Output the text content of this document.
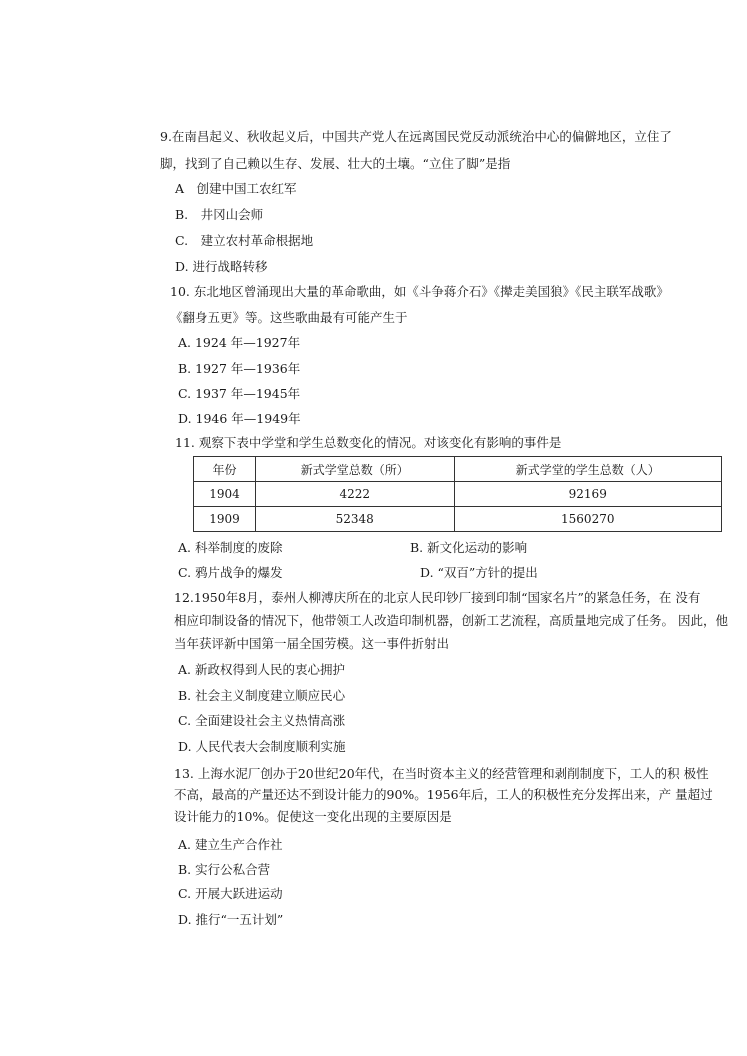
9.在南昌起义、秋收起义后，中国共产党人在远离国民党反动派统治中心的偏僻地区，立住了
脚，找到了自己赖以生存、发展、壮大的土壤。“立住了脚”是指
A　创建中国工农红军
B.　井冈山会师
C.　建立农村革命根据地
D. 进行战略转移
10. 东北地区曾涌现出大量的革命歌曲，如《斗争蒋介石》《撵走美国狼》《民主联军战歌》
《翻身五更》等。这些歌曲最有可能产生于
A. 1924 年—1927年
B. 1927 年—1936年
C. 1937 年—1945年
D. 1946 年—1949年
11. 观察下表中学堂和学生总数变化的情况。对该变化有影响的事件是
年份	新式学堂总数（所）	新式学堂的学生总数（人）
1904	4222	92169
1909	52348	1560270
A. 科举制度的废除	B. 新文化运动的影响
C. 鸦片战争的爆发	D. “双百”方针的提出
12.1950年8月，泰州人柳溥庆所在的北京人民印钞厂接到印制“国家名片”的紧急任务，在 没有
相应印制设备的情况下，他带领工人改造印制机器，创新工艺流程，高质量地完成了任务。 因此，他
当年获评新中国第一届全国劳模。这一事件折射出
A. 新政权得到人民的衷心拥护
B. 社会主义制度建立顺应民心
C. 全面建设社会主义热情高涨
D. 人民代表大会制度顺利实施
13. 上海水泥厂创办于20世纪20年代，在当时资本主义的经营管理和剥削制度下，工人的积 极性
不高，最高的产量还达不到设计能力的90%。1956年后，工人的积极性充分发挥出来，产 量超过
设计能力的10%。促使这一变化出现的主要原因是
A. 建立生产合作社
B. 实行公私合营
C. 开展大跃进运动
D. 推行“一五计划”
